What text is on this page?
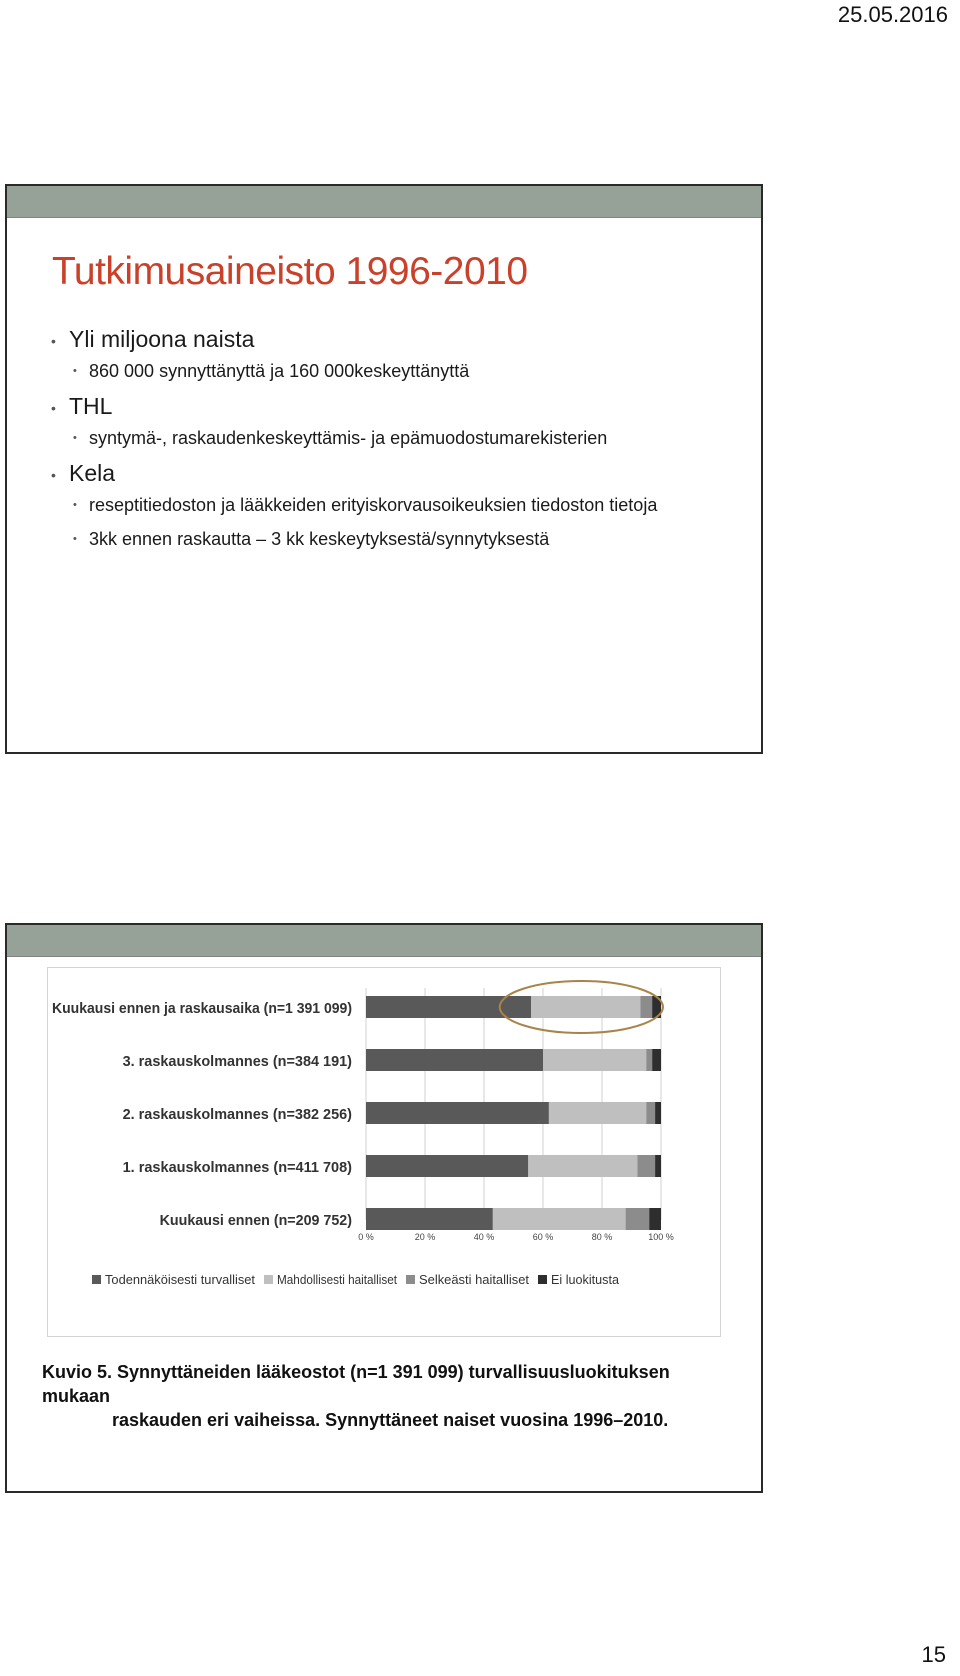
25.05.2016
Tutkimusaineisto 1996-2010
• Yli miljoona naista
• 860 000 synnyttänyttä ja 160 000keskeyttänyttä
• THL
• syntymä-, raskaudenkeskeyttämis- ja epämuodostumarekisterien
• Kela
• reseptitiedoston ja lääkkeiden erityiskorvausoikeuksien tiedoston tietoja
• 3kk ennen raskautta – 3 kk keskeytyksestä/synnytyksestä
0 %	20 %	40 %	60 %	80 %	100 %
Kuukausi ennen ja raskausaika (n=1 391 099)
3. raskauskolmannes (n=384 191)
2. raskauskolmannes (n=382 256)
1. raskauskolmannes (n=411 708)
Kuukausi ennen (n=209 752)
Todennäköisesti turvalliset Mahdollisesti haitalliset Selkeästi haitalliset Ei luokitusta

Kuvio 5. Synnyttäneiden lääkeostot (n=1 391 099) turvallisuusluokituksen mukaan
raskauden eri vaiheissa. Synnyttäneet naiset vuosina 1996–2010.

15
